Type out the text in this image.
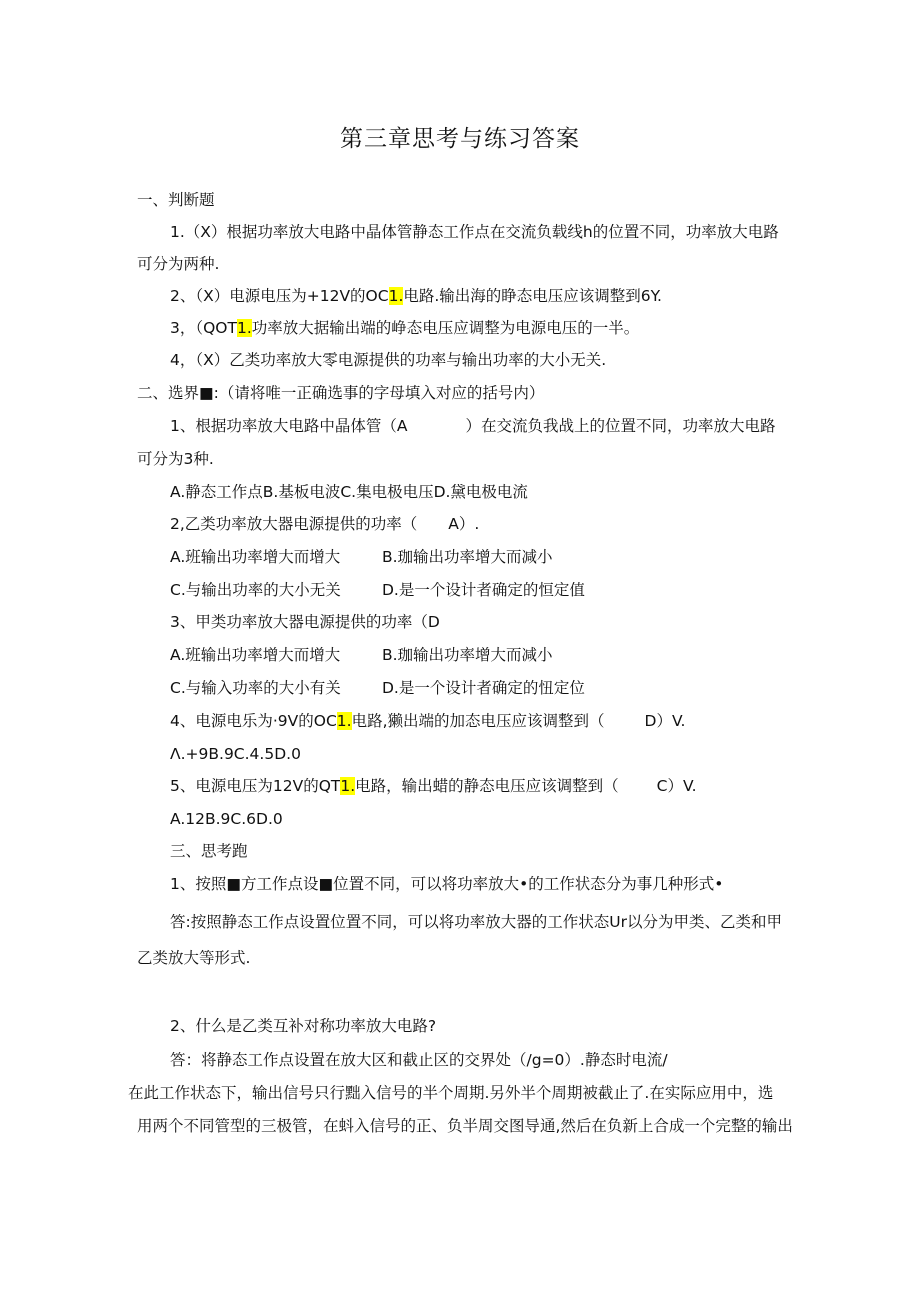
第三章思考与练习答案
一、判断题
1.（X）根据功率放大电路中晶体管静态工作点在交流负载线h的位置不同，功率放大电路
可分为两种.
2、（X）电源电压为+12V的OC1.电路.输出海的睁态电压应该调整到6Y.
3，（QOT1.功率放大据输出端的峥态电压应调整为电源电压的一半。
4，（X）乙类功率放大零电源提供的功率与输出功率的大小无关.
二、选界■:（请将唯一正确选事的字母填入对应的括号内）
1、根据功率放大电路中晶体管（A	）在交流负我战上的位置不同，功率放大电路
可分为3种.
A.静态工作点B.基板电波C.集电极电压D.黛电极电流
2,乙类功率放大器电源提供的功率（　　A）.
A.班输出功率增大而增大	B.珈输出功率增大而减小
C.与输出功率的大小无关	D.是一个设计者确定的恒定值
3、甲类功率放大器电源提供的功率（D
A.班输出功率增大而增大	B.珈输出功率增大而减小
C.与输入功率的大小有关	D.是一个设计者确定的忸定位
4、电源电乐为·9V的OC1.电路,獭出端的加态电压应该调整到（	D）V.
Λ.+9B.9C.4.5D.0
5、电源电压为12V的QT1.电路，输出蜡的静态电压应该调整到（ C）V.
A.12B.9C.6D.0
三、思考跑
1、按照■方工作点设■位置不同，可以将功率放大•的工作状态分为事几种形式•
答:按照静态工作点设置位置不同，可以将功率放大器的工作状态Ur以分为甲类、乙类和甲
乙类放大等形式.
2、什么是乙类互补对称功率放大电路?
答：将静态工作点设置在放大区和截止区的交界处（/g=0）.静态时电流/
在此工作状态下，输出信号只行黜入信号的半个周期.另外半个周期被截止了.在实际应用中，选
用两个不同管型的三极管，在蚪入信号的正、负半周交图导通,然后在负新上合成一个完整的输出
